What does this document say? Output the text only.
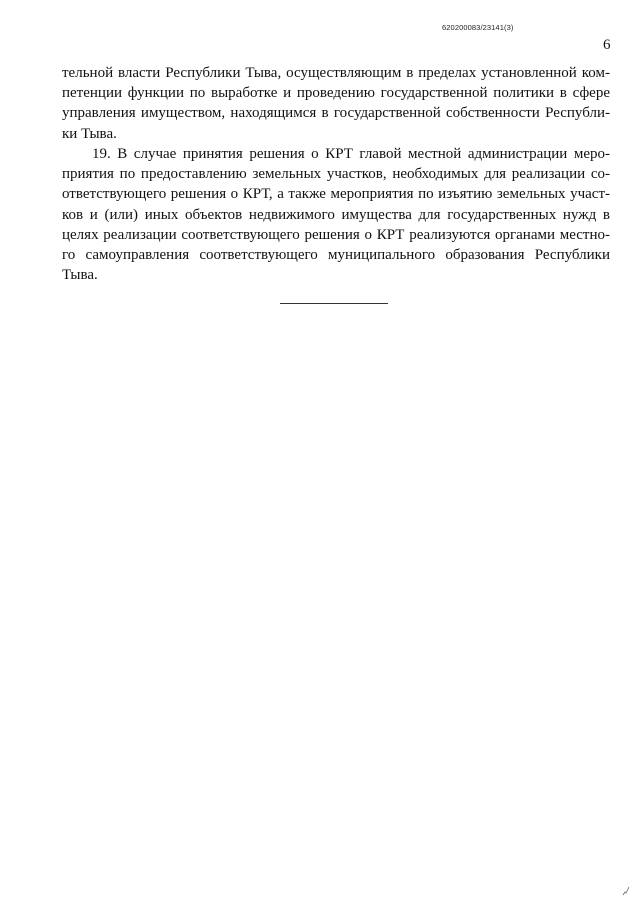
620200083/23141(3)
6
тельной власти Республики Тыва, осуществляющим в пределах установленной ком-
петенции функции по выработке и проведению государственной политики в сфере
управления имуществом, находящимся в государственной собственности Республи-
ки Тыва.
19. В случае принятия решения о КРТ главой местной администрации меро-
приятия по предоставлению земельных участков, необходимых для реализации со-
ответствующего решения о КРТ, а также мероприятия по изъятию земельных участ-
ков и (или) иных объектов недвижимого имущества для государственных нужд в
целях реализации соответствующего решения о КРТ реализуются органами местно-
го самоуправления соответствующего муниципального образования Республики
Тыва.
